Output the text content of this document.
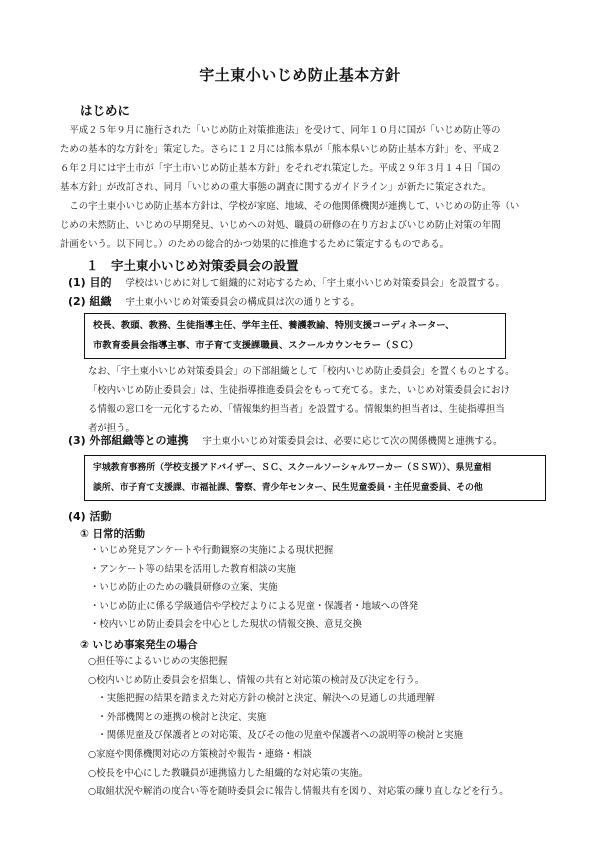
宇土東小いじめ防止基本方針
はじめに
　平成２５年９月に施行された「いじめ防止対策推進法」を受けて、同年１０月に国が「いじめ防止等の
ための基本的な方針を」策定した。さらに１２月には熊本県が「熊本県いじめ防止基本方針」を、平成２
６年２月には宇土市が「宇土市いじめ防止基本方針」をそれぞれ策定した。平成２９年３月１４日「国の
基本方針」が改訂され、同月「いじめの重大事態の調査に関するガイドライン」が新たに策定された。
　この宇土東小いじめ防止基本方針は、学校が家庭、地域、その他関係機関が連携して、いじめの防止等（い
じめの未然防止、いじめの早期発見、いじめへの対処、職員の研修の在り方およびいじめ防止対策の年間
計画をいう。以下同じ。）のための総合的かつ効果的に推進するために策定するものである。
１　宇土東小いじめ対策委員会の設置
(1) 目的 学校はいじめに対して組織的に対応するため、「宇土東小いじめ対策委員会」を設置する。
(2) 組織 宇土東小いじめ対策委員会の構成員は次の通りとする。
校長、教頭、教務、生徒指導主任、学年主任、養護教諭、特別支援コーディネーター、
市教育委員会指導主事、市子育て支援課職員、スクールカウンセラー（ＳＣ）
なお、「宇土東小いじめ対策委員会」の下部組織として「校内いじめ防止委員会」を置くものとする。
「校内いじめ防止委員会」は、生徒指導推進委員会をもって充てる。また、いじめ対策委員会におけ
る情報の窓口を一元化するため、「情報集約担当者」を設置する。情報集約担当者は、生徒指導担当
者が担う。
(3) 外部組織等との連携 宇土東小いじめ対策委員会は、必要に応じて次の関係機関と連携する。
宇城教育事務所（学校支援アドバイザー、ＳＣ、スクールソーシャルワーカー（ＳＳＷ））、県児童相
談所、市子育て支援課、市福祉課、警察、青少年センター、民生児童委員・主任児童委員、その他
(4) 活動
① 日常的活動
・いじめ発見アンケートや行動観察の実施による現状把握
・アンケート等の結果を活用した教育相談の実施
・いじめ防止のための職員研修の立案、実施
・いじめ防止に係る学級通信や学校だよりによる児童・保護者・地域への啓発
・校内いじめ防止委員会を中心とした現状の情報交換、意見交換
② いじめ事案発生の場合
○担任等によるいじめの実態把握
○校内いじめ防止委員会を招集し、情報の共有と対応策の検討及び決定を行う。
　・実態把握の結果を踏まえた対応方針の検討と決定、解決への見通しの共通理解
　・外部機関との連携の検討と決定、実施
　・関係児童及び保護者との対応策、及びその他の児童や保護者への説明等の検討と実施
○家庭や関係機関対応の方策検討や報告・連絡・相談
○校長を中心にした教職員が連携協力した組織的な対応策の実施。
○取組状況や解消の度合い等を随時委員会に報告し情報共有を図り、対応策の練り直しなどを行う。
